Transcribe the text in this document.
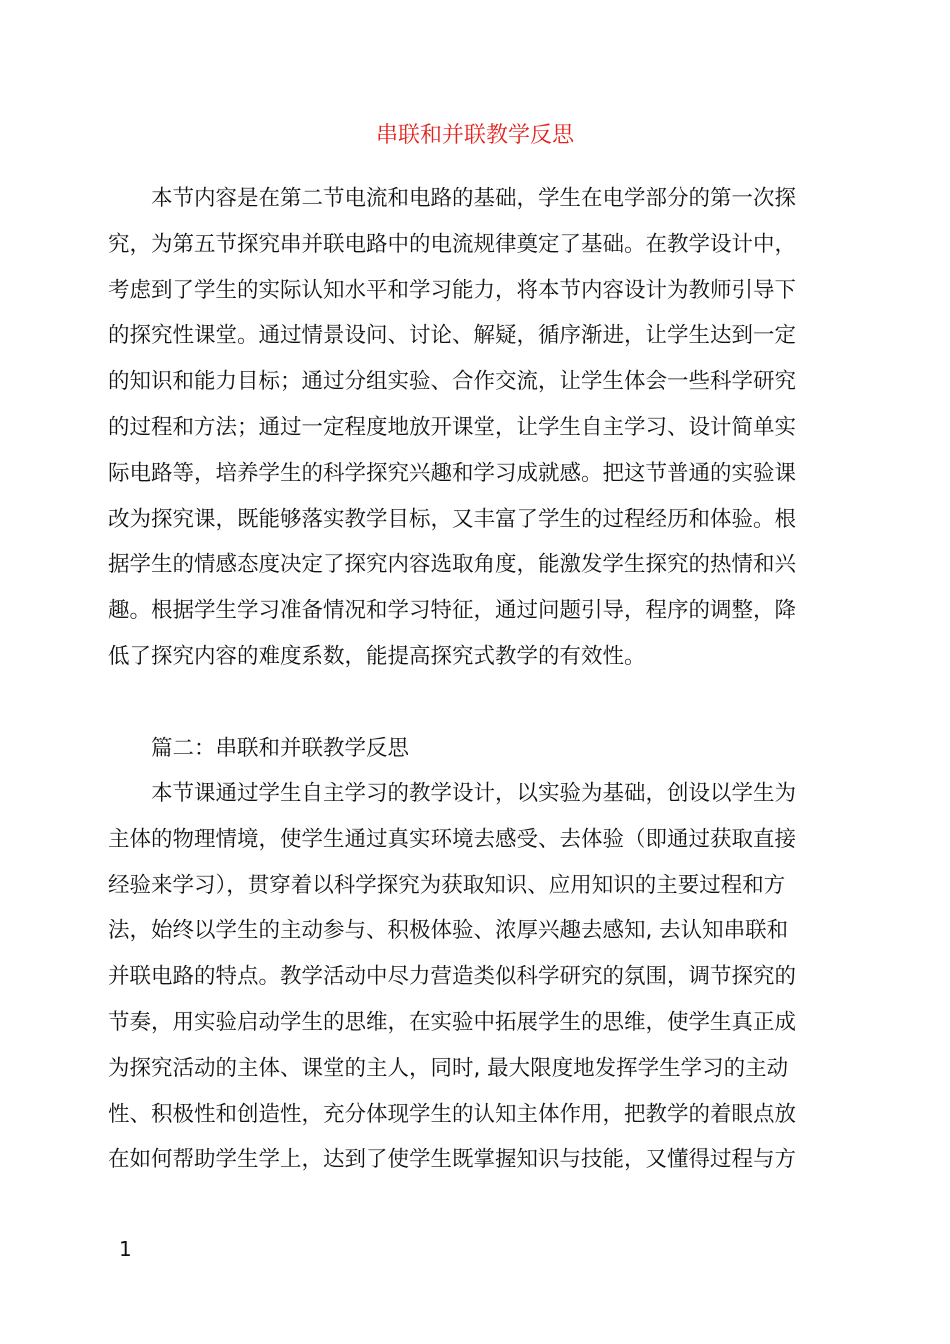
串联和并联教学反思
　　本节内容是在第二节电流和电路的基础，学生在电学部分的第一次探
究，为第五节探究串并联电路中的电流规律奠定了基础。在教学设计中，
考虑到了学生的实际认知水平和学习能力，将本节内容设计为教师引导下
的探究性课堂。通过情景设问、讨论、解疑，循序渐进，让学生达到一定
的知识和能力目标；通过分组实验、合作交流，让学生体会一些科学研究
的过程和方法；通过一定程度地放开课堂，让学生自主学习、设计简单实
际电路等，培养学生的科学探究兴趣和学习成就感。把这节普通的实验课
改为探究课，既能够落实教学目标，又丰富了学生的过程经历和体验。根
据学生的情感态度决定了探究内容选取角度，能激发学生探究的热情和兴
趣。根据学生学习准备情况和学习特征，通过问题引导，程序的调整，降
低了探究内容的难度系数，能提高探究式教学的有效性。
　　篇二：串联和并联教学反思
　　本节课通过学生自主学习的教学设计，以实验为基础，创设以学生为
主体的物理情境，使学生通过真实环境去感受、去体验（即通过获取直接
经验来学习），贯穿着以科学探究为获取知识、应用知识的主要过程和方
法，始终以学生的主动参与、积极体验、浓厚兴趣去感知, 去认知串联和
并联电路的特点。教学活动中尽力营造类似科学研究的氛围，调节探究的
节奏，用实验启动学生的思维，在实验中拓展学生的思维，使学生真正成
为探究活动的主体、课堂的主人，同时, 最大限度地发挥学生学习的主动
性、积极性和创造性，充分体现学生的认知主体作用，把教学的着眼点放
在如何帮助学生学上，达到了使学生既掌握知识与技能，又懂得过程与方
1
